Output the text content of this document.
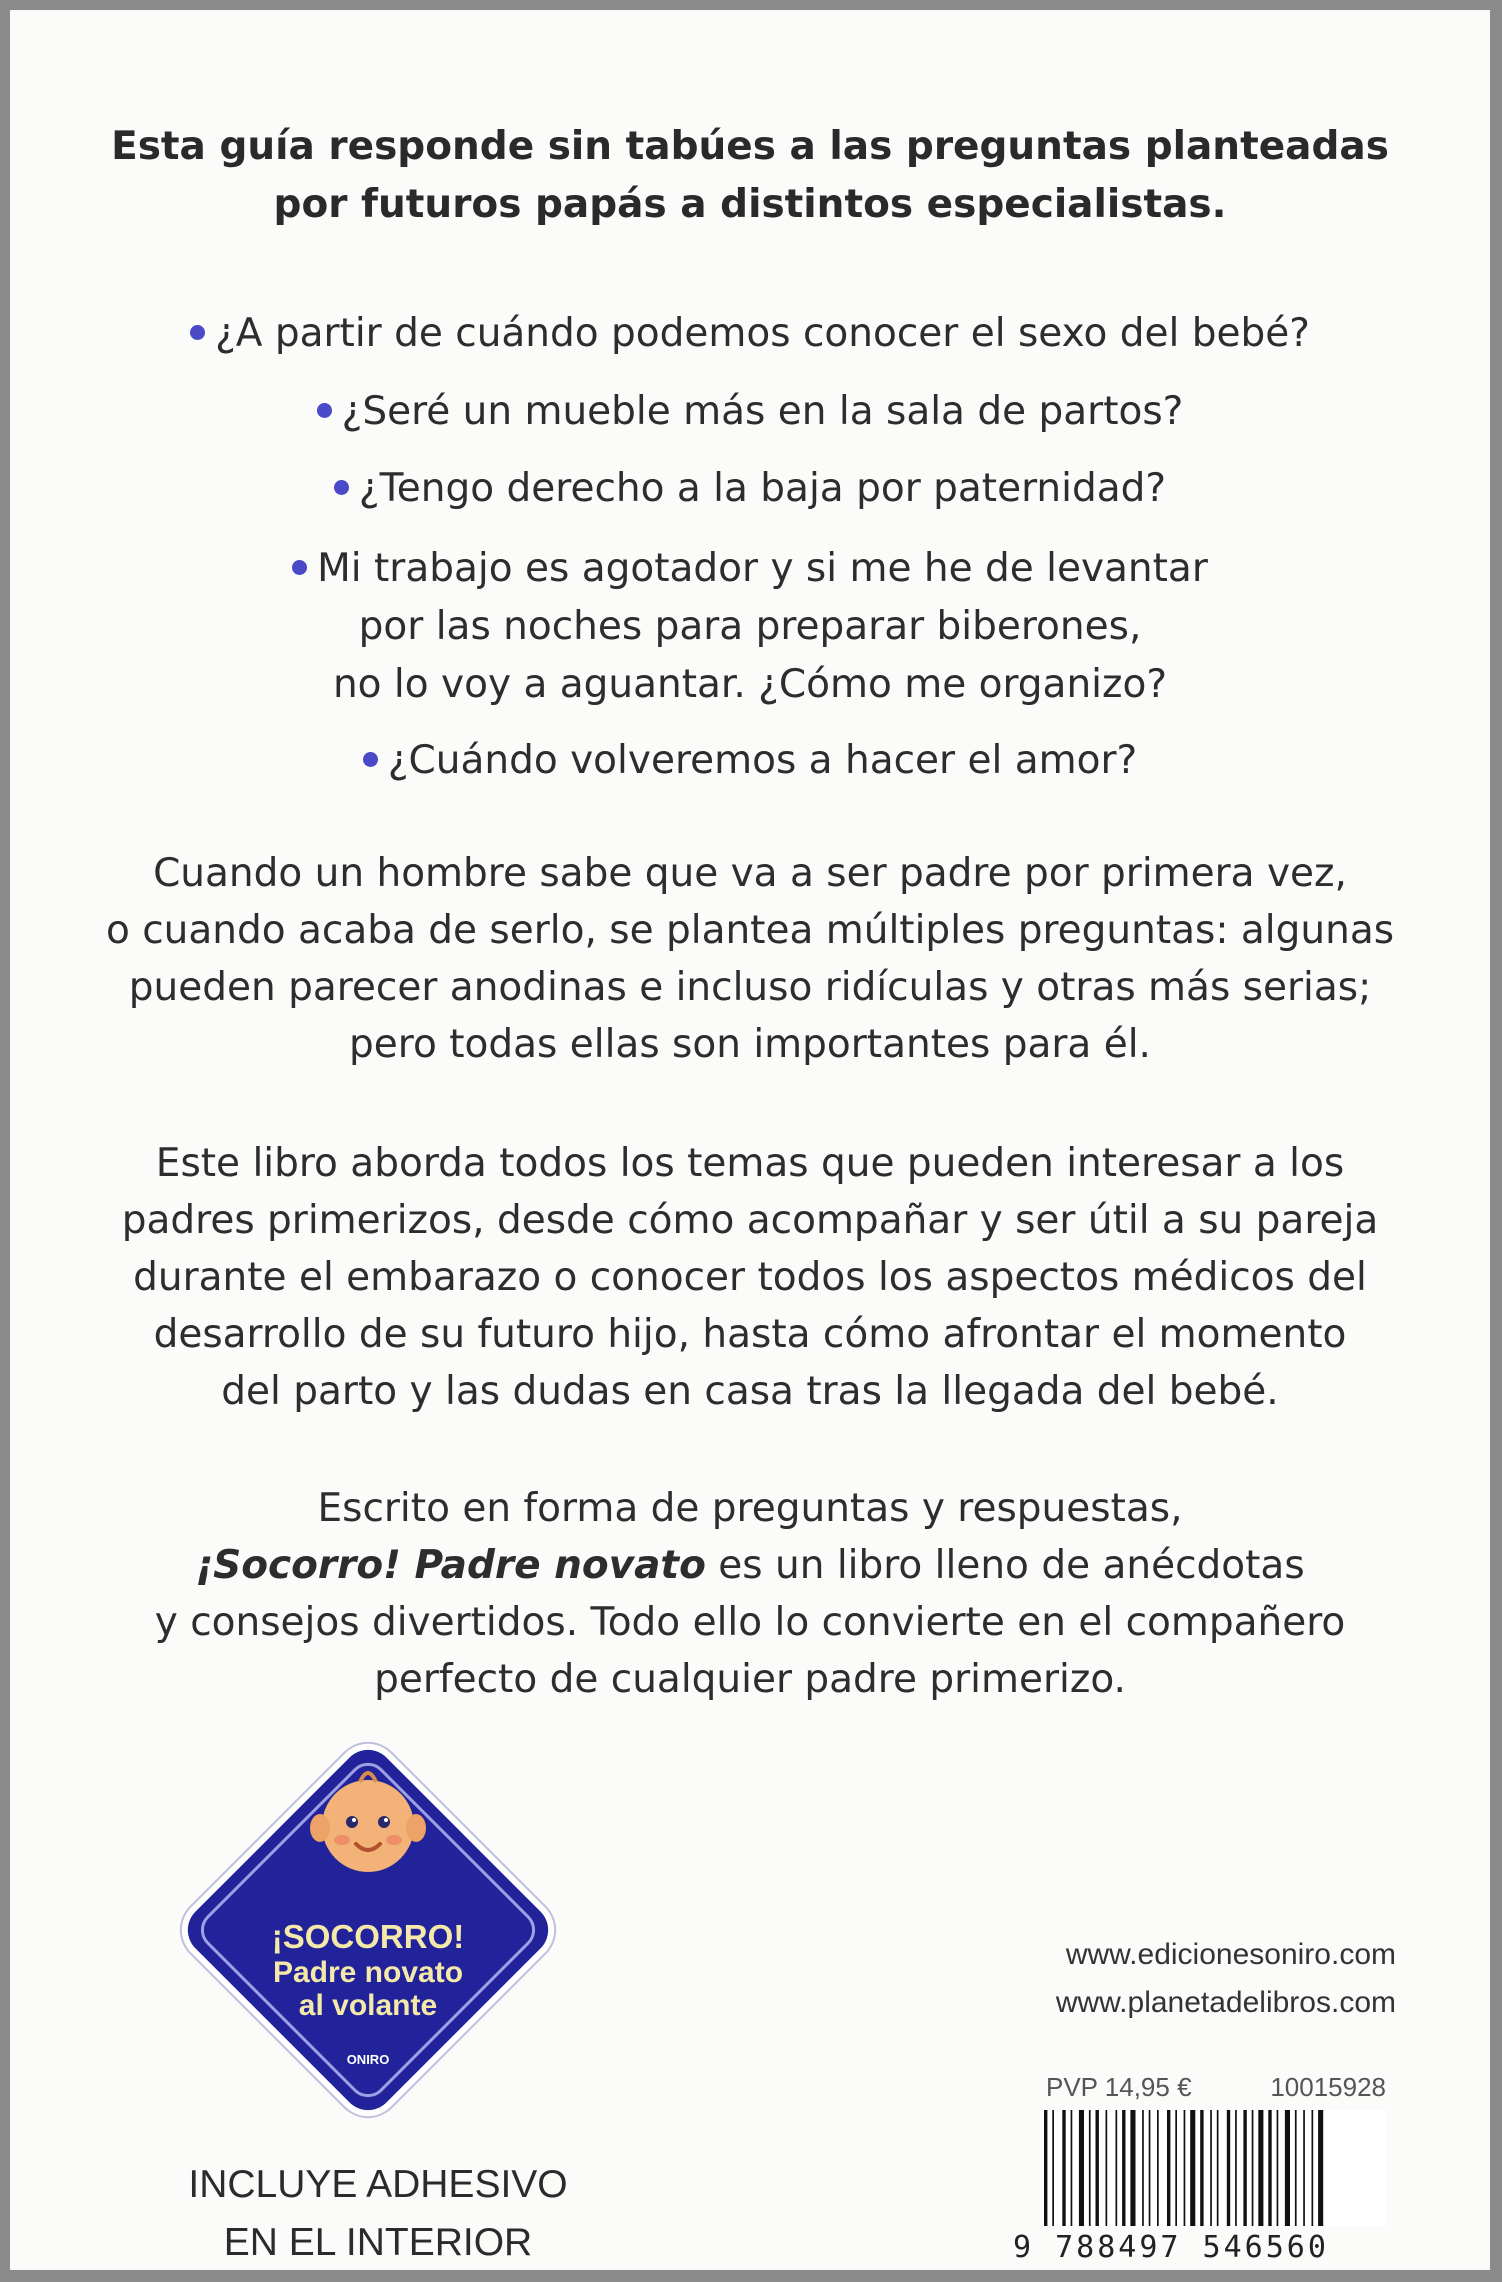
Esta guía responde sin tabúes a las preguntas planteadas
por futuros papás a distintos especialistas.
¿A partir de cuándo podemos conocer el sexo del bebé?
¿Seré un mueble más en la sala de partos?
¿Tengo derecho a la baja por paternidad?
Mi trabajo es agotador y si me he de levantar
por las noches para preparar biberones,
no lo voy a aguantar. ¿Cómo me organizo?
¿Cuándo volveremos a hacer el amor?
Cuando un hombre sabe que va a ser padre por primera vez,
o cuando acaba de serlo, se plantea múltiples preguntas: algunas
pueden parecer anodinas e incluso ridículas y otras más serias;
pero todas ellas son importantes para él.
Este libro aborda todos los temas que pueden interesar a los
padres primerizos, desde cómo acompañar y ser útil a su pareja
durante el embarazo o conocer todos los aspectos médicos del
desarrollo de su futuro hijo, hasta cómo afrontar el momento
del parto y las dudas en casa tras la llegada del bebé.
Escrito en forma de preguntas y respuestas,
¡Socorro! Padre novato es un libro lleno de anécdotas
y consejos divertidos. Todo ello lo convierte en el compañero
perfecto de cualquier padre primerizo.
¡SOCORRO!
Padre novato
al volante
ONIRO
INCLUYE ADHESIVO
EN EL INTERIOR
www.edicionesoniro.com
www.planetadelibros.com
PVP 14,95 €	10015928
9 788497 546560
